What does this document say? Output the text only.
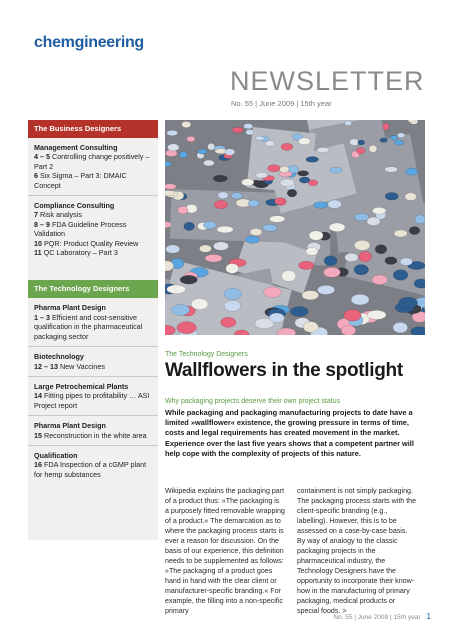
chemgineering
NEWSLETTER
No. 55 | June 2009 | 15th year
The Business Designers
Management Consulting
4 – 5 Controlling change positively – Part 2
6 Six Sigma – Part 3: DMAIC Concept
Compliance Consulting
7 Risk analysis
8 – 9 FDA Guideline Process Validation
10 PQR: Product Quality Review
11 QC Laboratory – Part 3
The Technology Designers
Pharma Plant Design
1 – 3 Efficient and cost-sensitive qualification in the pharmaceutical packaging sector
Biotechnology
12 – 13 New Vaccines
Large Petrochemical Plants
14 Fitting pipes to profitability … ASI Project report
Pharma Plant Design
15 Reconstruction in the white area
Qualification
16 FDA Inspection of a cGMP plant for hemp substances
The Technology Designers
Wallflowers in the spotlight
Why packaging projects deserve their own project status
While packaging and packaging manufacturing projects to date have a limited »wallflower« existence, the growing pressure in terms of time, costs and legal requirements has created movement in the market. Experience over the last five years shows that a competent partner will help cope with the complexity of projects of this nature.

Wikipedia explains the packaging part of a product thus: »The packaging is a purposely fitted removable wrapping of a product.« The demarcation as to where the packaging process starts is ever a reason for discussion. On the basis of our experience, this definition needs to be supplemented as follows: »The packaging of a product goes hand in hand with the clear client or manufacturer-specific branding.« For example, the filling into a non-specific primary

containment is not simply packaging. The packaging process starts with the client-specific branding (e.g., labelling). However, this is to be assessed on a case-by-case basis. By way of analogy to the classic packaging projects in the pharmaceutical industry, the Technology Designers have the opportunity to incorporate their know-how in the manufacturing of primary packaging, medical products or special foods. >

No. 55 | June 2009 | 15th year 1
